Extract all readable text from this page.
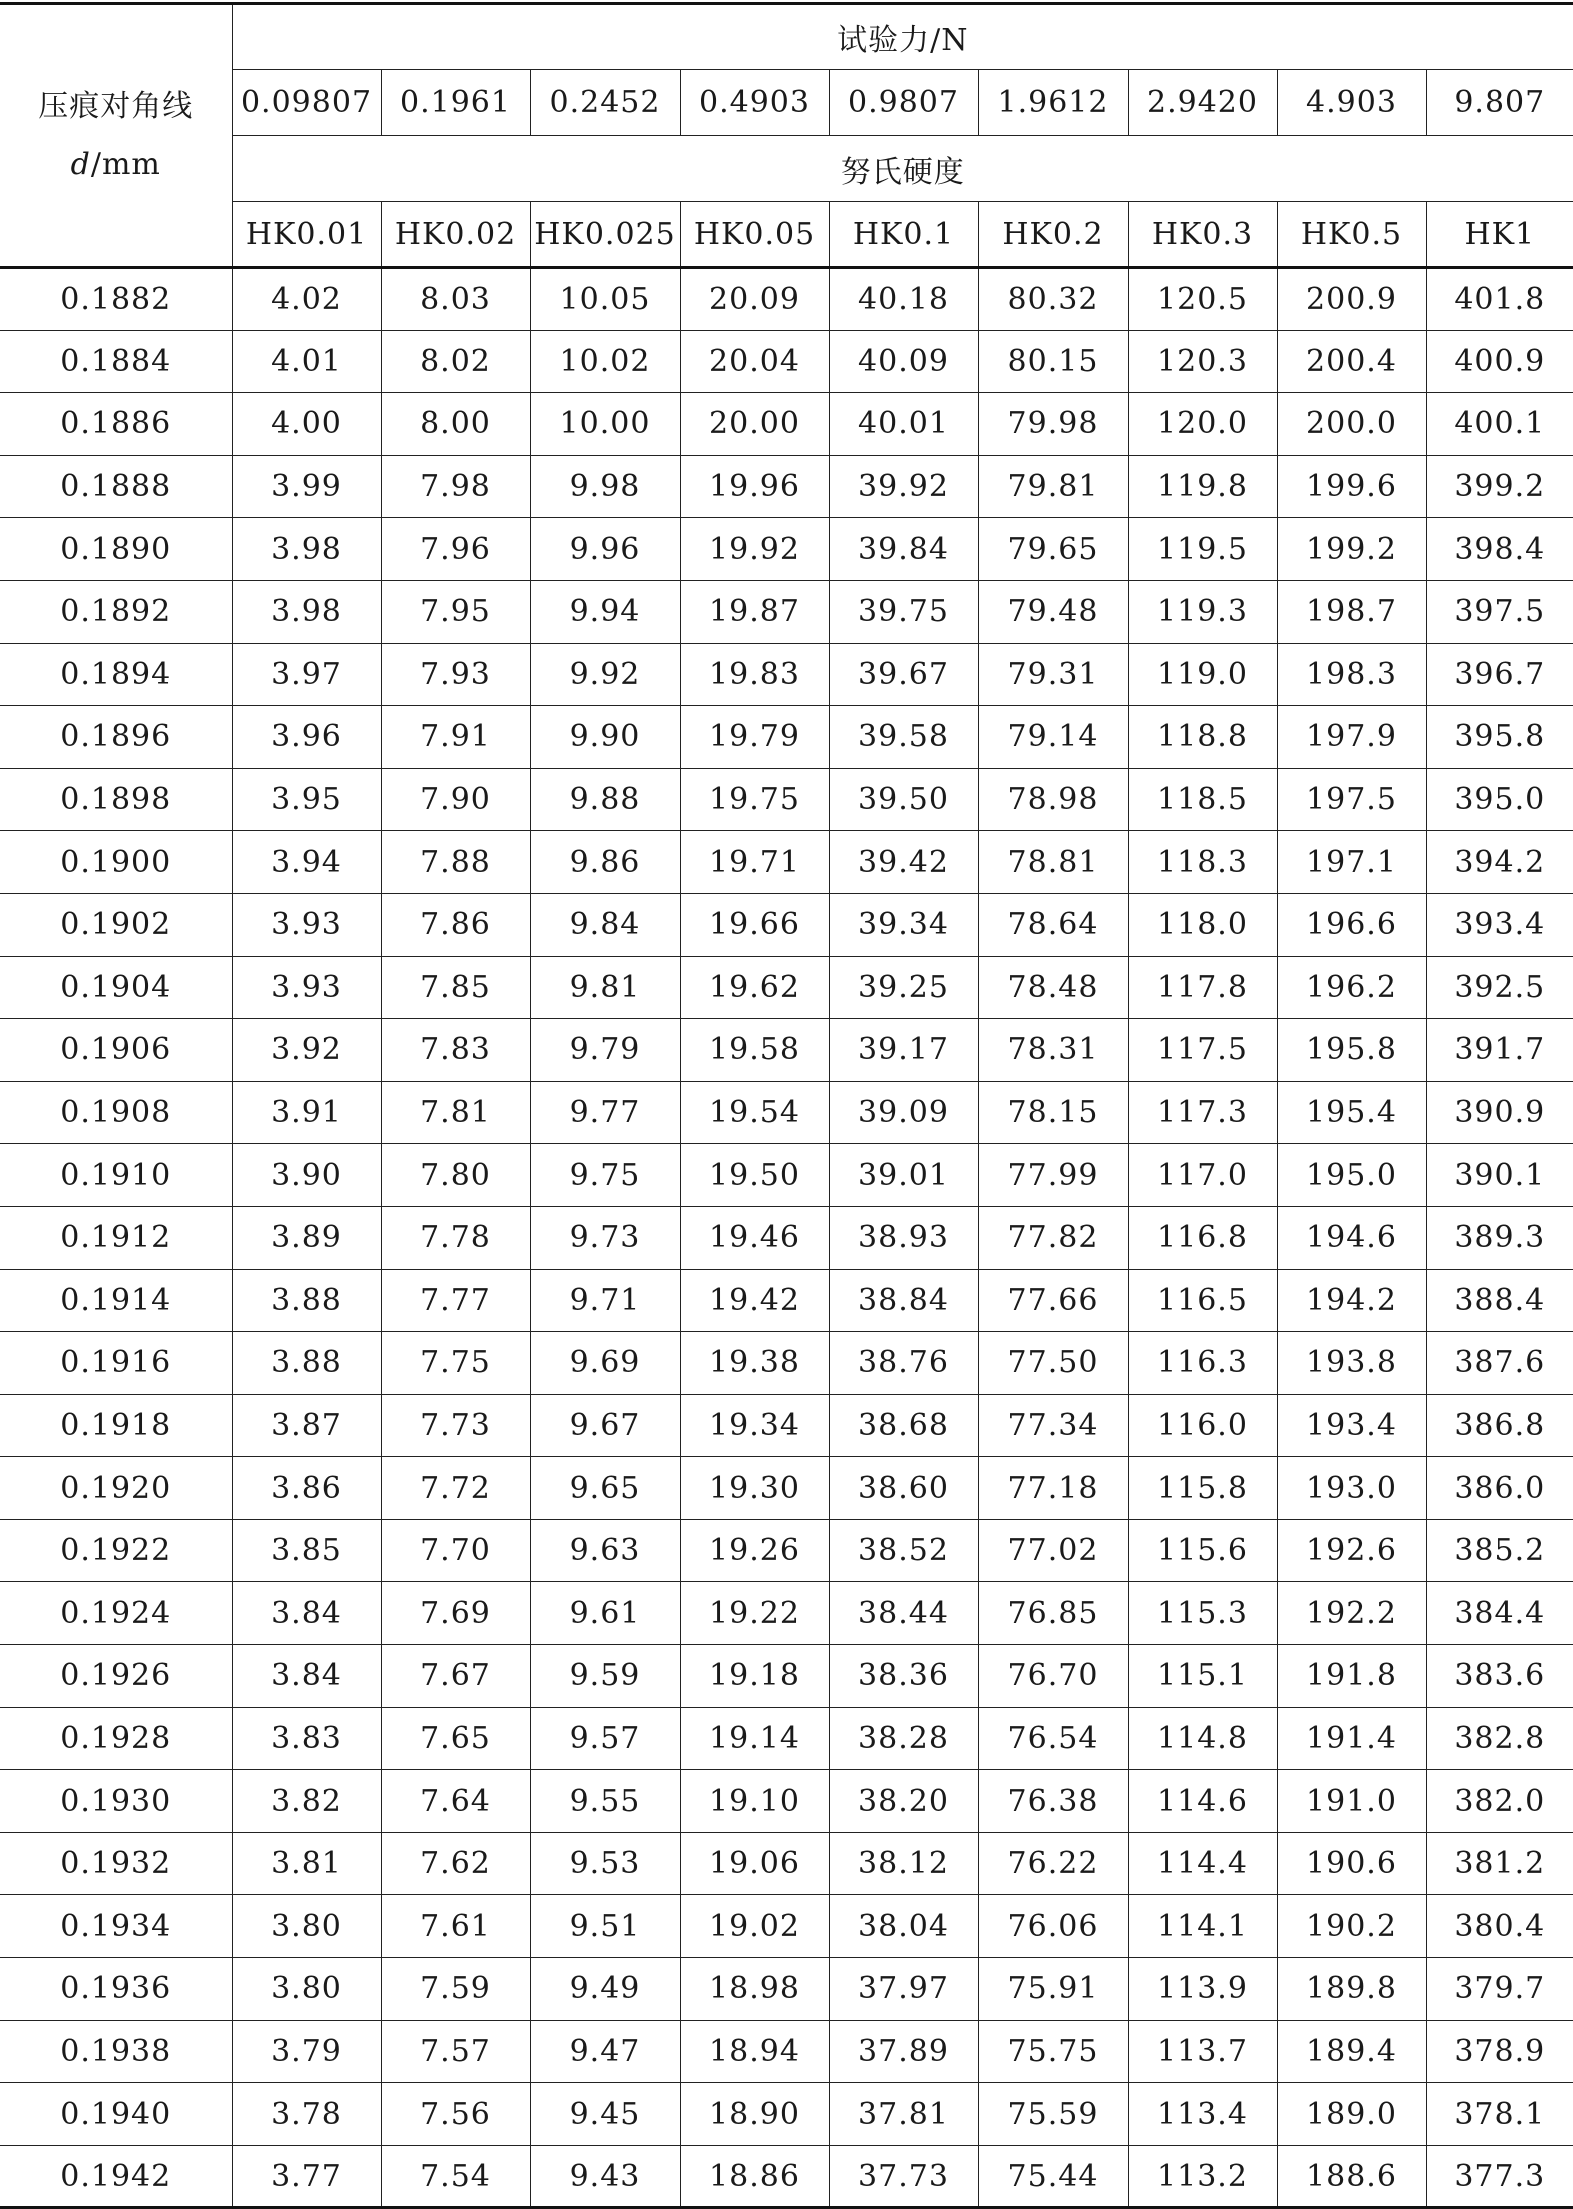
压痕对角线
d/mm	试验力/N								
	0.09807	0.1961	0.2452	0.4903	0.9807	1.9612	2.9420	4.903	9.807
	努氏硬度								
	HK0.01	HK0.02	HK0.025	HK0.05	HK0.1	HK0.2	HK0.3	HK0.5	HK1
0.1882	4.02	8.03	10.05	20.09	40.18	80.32	120.5	200.9	401.8
0.1884	4.01	8.02	10.02	20.04	40.09	80.15	120.3	200.4	400.9
0.1886	4.00	8.00	10.00	20.00	40.01	79.98	120.0	200.0	400.1
0.1888	3.99	7.98	9.98	19.96	39.92	79.81	119.8	199.6	399.2
0.1890	3.98	7.96	9.96	19.92	39.84	79.65	119.5	199.2	398.4
0.1892	3.98	7.95	9.94	19.87	39.75	79.48	119.3	198.7	397.5
0.1894	3.97	7.93	9.92	19.83	39.67	79.31	119.0	198.3	396.7
0.1896	3.96	7.91	9.90	19.79	39.58	79.14	118.8	197.9	395.8
0.1898	3.95	7.90	9.88	19.75	39.50	78.98	118.5	197.5	395.0
0.1900	3.94	7.88	9.86	19.71	39.42	78.81	118.3	197.1	394.2
0.1902	3.93	7.86	9.84	19.66	39.34	78.64	118.0	196.6	393.4
0.1904	3.93	7.85	9.81	19.62	39.25	78.48	117.8	196.2	392.5
0.1906	3.92	7.83	9.79	19.58	39.17	78.31	117.5	195.8	391.7
0.1908	3.91	7.81	9.77	19.54	39.09	78.15	117.3	195.4	390.9
0.1910	3.90	7.80	9.75	19.50	39.01	77.99	117.0	195.0	390.1
0.1912	3.89	7.78	9.73	19.46	38.93	77.82	116.8	194.6	389.3
0.1914	3.88	7.77	9.71	19.42	38.84	77.66	116.5	194.2	388.4
0.1916	3.88	7.75	9.69	19.38	38.76	77.50	116.3	193.8	387.6
0.1918	3.87	7.73	9.67	19.34	38.68	77.34	116.0	193.4	386.8
0.1920	3.86	7.72	9.65	19.30	38.60	77.18	115.8	193.0	386.0
0.1922	3.85	7.70	9.63	19.26	38.52	77.02	115.6	192.6	385.2
0.1924	3.84	7.69	9.61	19.22	38.44	76.85	115.3	192.2	384.4
0.1926	3.84	7.67	9.59	19.18	38.36	76.70	115.1	191.8	383.6
0.1928	3.83	7.65	9.57	19.14	38.28	76.54	114.8	191.4	382.8
0.1930	3.82	7.64	9.55	19.10	38.20	76.38	114.6	191.0	382.0
0.1932	3.81	7.62	9.53	19.06	38.12	76.22	114.4	190.6	381.2
0.1934	3.80	7.61	9.51	19.02	38.04	76.06	114.1	190.2	380.4
0.1936	3.80	7.59	9.49	18.98	37.97	75.91	113.9	189.8	379.7
0.1938	3.79	7.57	9.47	18.94	37.89	75.75	113.7	189.4	378.9
0.1940	3.78	7.56	9.45	18.90	37.81	75.59	113.4	189.0	378.1
0.1942	3.77	7.54	9.43	18.86	37.73	75.44	113.2	188.6	377.3
